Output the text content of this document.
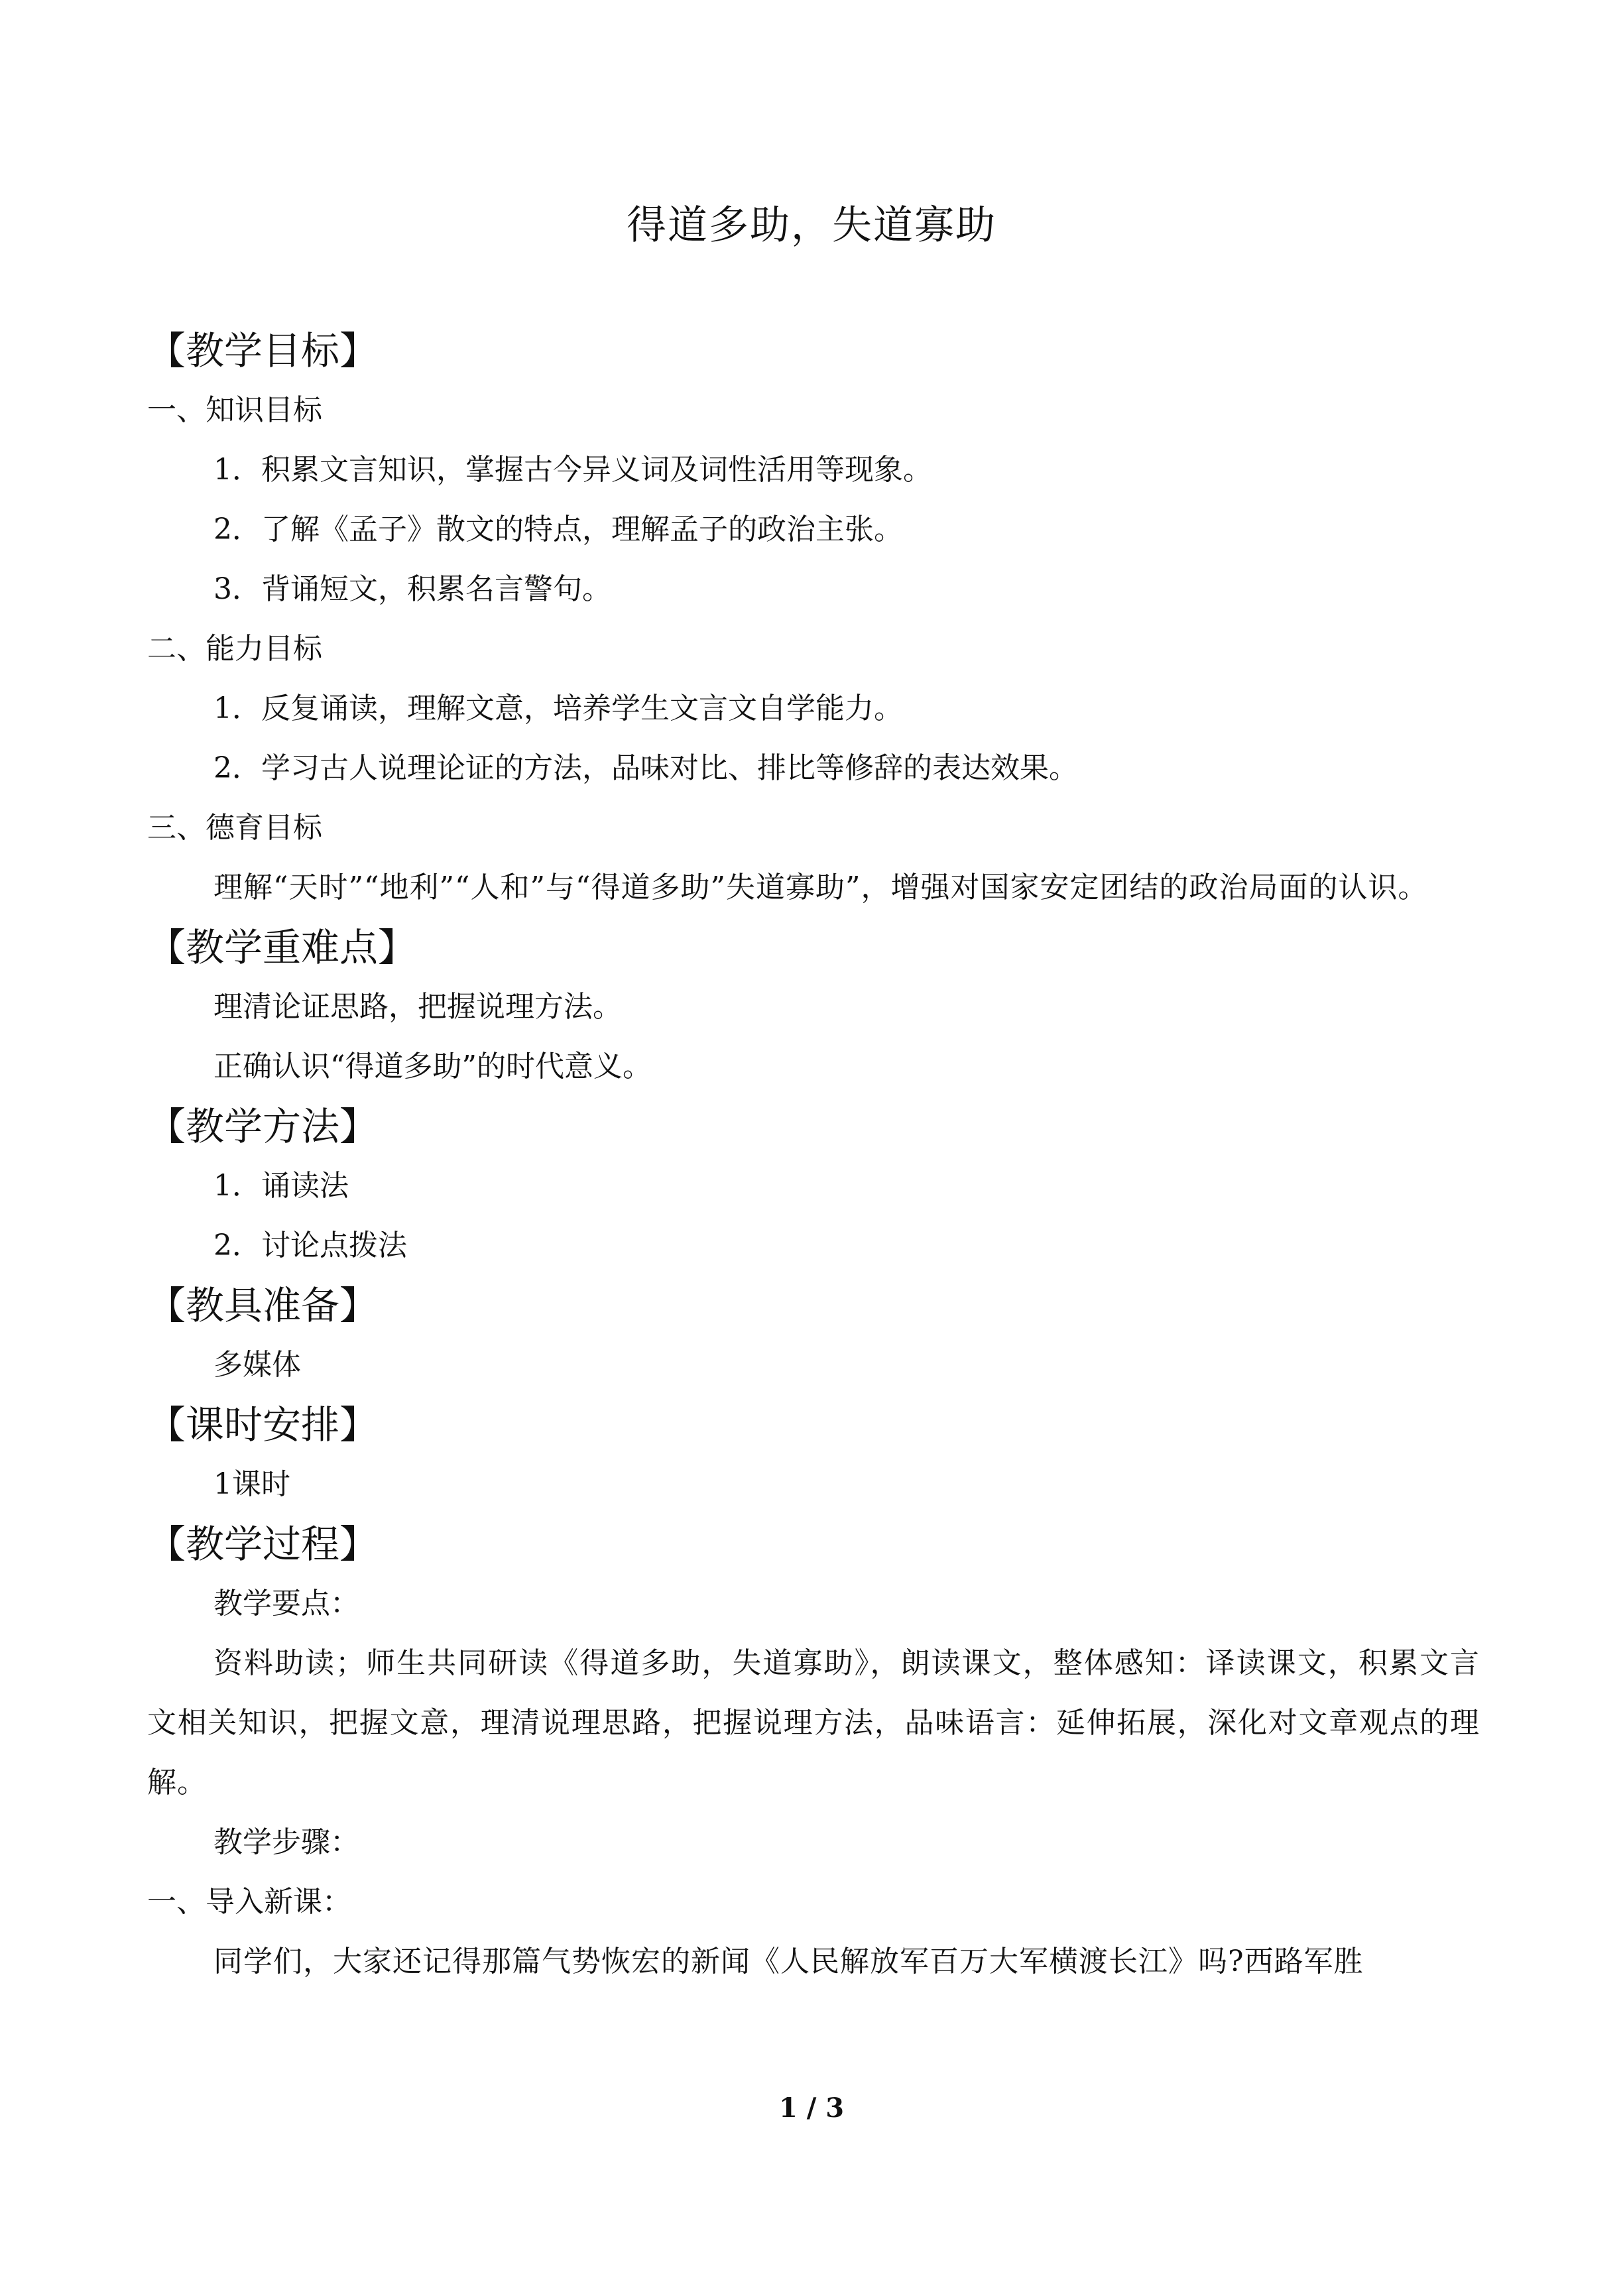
得道多助，失道寡助
【教学目标】
一、知识目标
1．积累文言知识，掌握古今异义词及词性活用等现象。
2．了解《孟子》散文的特点，理解孟子的政治主张。
3．背诵短文，积累名言警句。
二、能力目标
1．反复诵读，理解文意，培养学生文言文自学能力。
2．学习古人说理论证的方法，品味对比、排比等修辞的表达效果。
三、德育目标

理解“天时”“地利”“人和”与“得道多助”失道寡助”，增强对国家安定团结的政治局面的认识。

【教学重难点】
理清论证思路，把握说理方法。
正确认识“得道多助”的时代意义。
【教学方法】
1．诵读法
2．讨论点拨法
【教具准备】
多媒体
【课时安排】
1课时
【教学过程】
教学要点：

资料助读；师生共同研读《得道多助，失道寡助》，朗读课文，整体感知：译读课文，积累文言文相关知识，把握文意，理清说理思路，把握说理方法，品味语言：延伸拓展，深化对文章观点的理解。

教学步骤：
一、导入新课：

同学们，大家还记得那篇气势恢宏的新闻《人民解放军百万大军横渡长江》吗?西路军胜

1 / 3
